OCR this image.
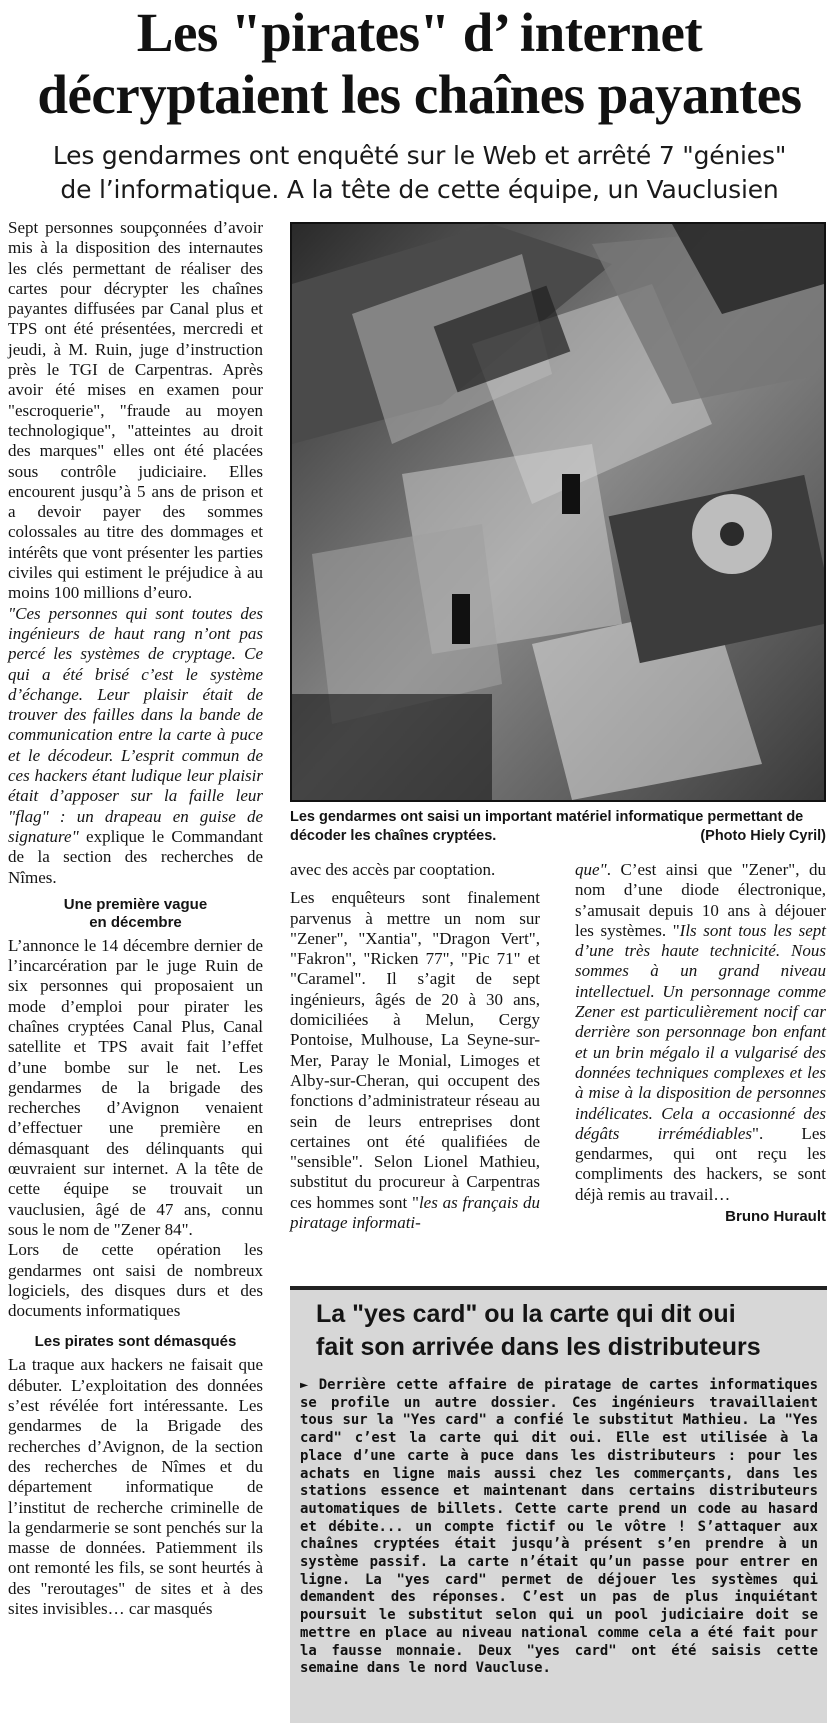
Les "pirates" d’ internet
décryptaient les chaînes payantes
Les gendarmes ont enquêté sur le Web et arrêté 7 "génies"
de l’informatique. A la tête de cette équipe, un Vauclusien

Sept personnes soupçonnées d’avoir mis à la disposition des internautes les clés permettant de réaliser des cartes pour décrypter les chaînes payantes diffusées par Canal plus et TPS ont été présentées, mercredi et jeudi, à M. Ruin, juge d’instruction près le TGI de Carpentras. Après avoir été mises en examen pour "escroquerie", "fraude au moyen technologique", "atteintes au droit des marques" elles ont été placées sous contrôle judiciaire. Elles encourent jusqu’à 5 ans de prison et a devoir payer des sommes colossales au titre des dommages et intérêts que vont présenter les parties civiles qui estiment le préjudice à au moins 100 millions d’euro.

"Ces personnes qui sont toutes des ingénieurs de haut rang n’ont pas percé les systèmes de cryptage. Ce qui a été brisé c’est le système d’échange. Leur plaisir était de trouver des failles dans la bande de communication entre la carte à puce et le décodeur. L’esprit commun de ces hackers étant ludique leur plaisir était d’apposer sur la faille leur "flag" : un drapeau en guise de signature" explique le Commandant de la section des recherches de Nîmes.

Une première vague
en décembre

L’annonce le 14 décembre dernier de l’incarcération par le juge Ruin de six personnes qui proposaient un mode d’emploi pour pirater les chaînes cryptées Canal Plus, Canal satellite et TPS avait fait l’effet d’une bombe sur le net. Les gendarmes de la brigade des recherches d’Avignon venaient d’effectuer une première en démasquant des délinquants qui œuvraient sur internet. A la tête de cette équipe se trouvait un vauclusien, âgé de 47 ans, connu sous le nom de "Zener 84".

Lors de cette opération les gendarmes ont saisi de nombreux logiciels, des disques durs et des documents informatiques

Les pirates sont démasqués

La traque aux hackers ne faisait que débuter. L’exploitation des données s’est révélée fort intéressante. Les gendarmes de la Brigade des recherches d’Avignon, de la section des recherches de Nîmes et du département informatique de l’institut de recherche criminelle de la gendarmerie se sont penchés sur la masse de données. Patiemment ils ont remonté les fils, se sont heurtés à des "reroutages" de sites et à des sites invisibles… car masqués

Les gendarmes ont saisi un important matériel informatique permettant de décoder les chaînes cryptées.	(Photo Hiely Cyril)

avec des accès par cooptation.

Les enquêteurs sont finalement parvenus à mettre un nom sur "Zener", "Xantia", "Dragon Vert", "Fakron", "Ricken 77", "Pic 71" et "Caramel". Il s’agit de sept ingénieurs, âgés de 20 à 30 ans, domiciliées à Melun, Cergy Pontoise, Mulhouse, La Seyne-sur-Mer, Paray le Monial, Limoges et Alby-sur-Cheran, qui occupent des fonctions d’administrateur réseau au sein de leurs entreprises dont certaines ont été qualifiées de "sensible". Selon Lionel Mathieu, substitut du procureur à Carpentras ces hommes sont "les as français du piratage informati-

que". C’est ainsi que "Zener", du nom d’une diode électronique, s’amusait depuis 10 ans à déjouer les systèmes. "Ils sont tous les sept d’une très haute technicité. Nous sommes à un grand niveau intellectuel. Un personnage comme Zener est particulièrement nocif car derrière son personnage bon enfant et un brin mégalo il a vulgarisé des données techniques complexes et les à mise à la disposition de personnes indélicates. Cela a occasionné des dégâts irrémédiables". Les gendarmes, qui ont reçu les compliments des hackers, se sont déjà remis au travail…

Bruno Hurault
La "yes card" ou la carte qui dit oui
fait son arrivée dans les distributeurs
► Derrière cette affaire de piratage de cartes informatiques se profile un autre dossier. Ces ingénieurs travaillaient tous sur la "Yes card" a confié le substitut Mathieu. La "Yes card" c’est la carte qui dit oui. Elle est utilisée à la place d’une carte à puce dans les distributeurs : pour les achats en ligne mais aussi chez les commerçants, dans les stations essence et maintenant dans certains distributeurs automatiques de billets. Cette carte prend un code au hasard et débite... un compte fictif ou le vôtre ! S’attaquer aux chaînes cryptées était jusqu’à présent s’en prendre à un système passif. La carte n’était qu’un passe pour entrer en ligne. La "yes card" permet de déjouer les systèmes qui demandent des réponses. C’est un pas de plus inquiétant poursuit le substitut selon qui un pool judiciaire doit se mettre en place au niveau national comme cela a été fait pour la fausse monnaie. Deux "yes card" ont été saisis cette semaine dans le nord Vaucluse.
